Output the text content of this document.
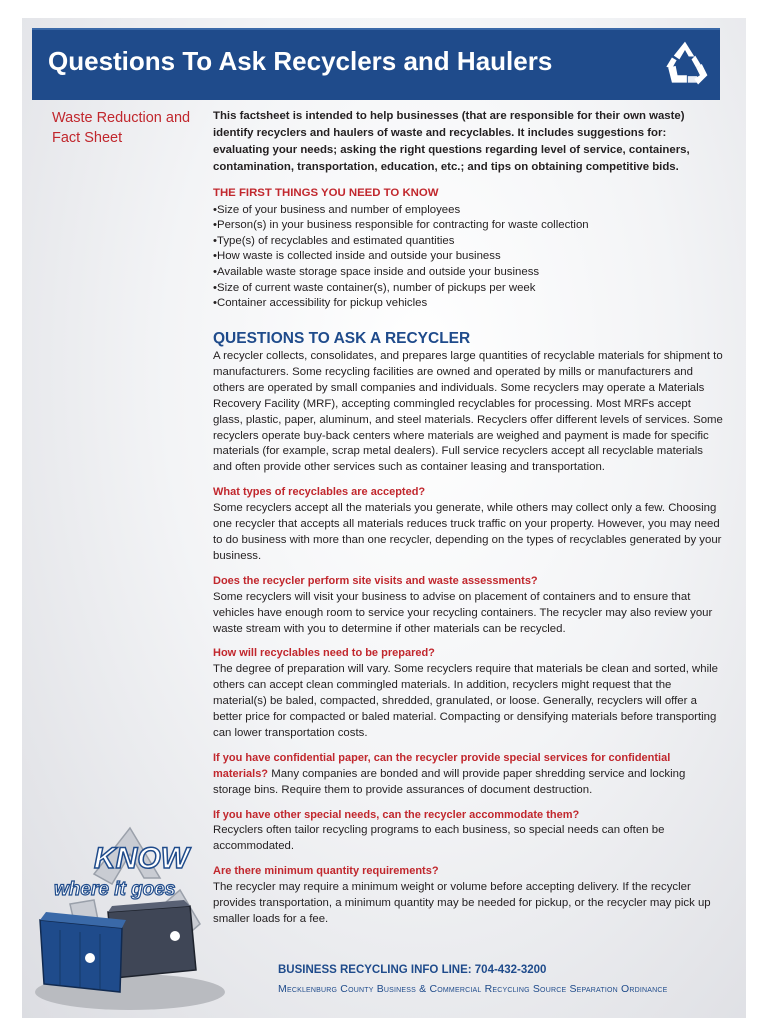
Questions To Ask Recyclers and Haulers
Waste Reduction and
Fact Sheet
This factsheet is intended to help businesses (that are responsible for their own waste) identify recyclers and haulers of waste and recyclables. It includes suggestions for: evaluating your needs; asking the right questions regarding level of service, containers, contamination, transportation, education, etc.; and tips on obtaining competitive bids.
THE FIRST THINGS YOU NEED TO KNOW
• Size of your business and number of employees
• Person(s) in your business responsible for contracting for waste collection
• Type(s) of recyclables and estimated quantities
• How waste is collected inside and outside your business
• Available waste storage space inside and outside your business
• Size of current waste container(s), number of pickups per week
• Container accessibility for pickup vehicles
QUESTIONS TO ASK A RECYCLER

A recycler collects, consolidates, and prepares large quantities of recyclable materials for shipment to manufacturers. Some recycling facilities are owned and operated by mills or manufacturers and others are operated by small companies and individuals. Some recyclers may operate a Materials Recovery Facility (MRF), accepting commingled recyclables for processing. Most MRFs accept glass, plastic, paper, aluminum, and steel materials. Recyclers offer different levels of services. Some recyclers operate buy-back centers where materials are weighed and payment is made for specific materials (for example, scrap metal dealers). Full service recyclers accept all recyclable materials and often provide other services such as container leasing and transportation.

What types of recyclables are accepted?

Some recyclers accept all the materials you generate, while others may collect only a few. Choosing one recycler that accepts all materials reduces truck traffic on your property. However, you may need to do business with more than one recycler, depending on the types of recyclables generated by your business.

Does the recycler perform site visits and waste assessments?

Some recyclers will visit your business to advise on placement of containers and to ensure that vehicles have enough room to service your recycling containers. The recycler may also review your waste stream with you to determine if other materials can be recycled.

How will recyclables need to be prepared?

The degree of preparation will vary. Some recyclers require that materials be clean and sorted, while others can accept clean commingled materials. In addition, recyclers might request that the material(s) be baled, compacted, shredded, granulated, or loose. Generally, recyclers will offer a better price for compacted or baled material. Compacting or densifying materials before transporting can lower transportation costs.

If you have confidential paper, can the recycler provide special services for confidential materials? Many companies are bonded and will provide paper shredding service and locking storage bins. Require them to provide assurances of document destruction.

If you have other special needs, can the recycler accommodate them?

Recyclers often tailor recycling programs to each business, so special needs can often be accommodated.

Are there minimum quantity requirements?

The recycler may require a minimum weight or volume before accepting delivery. If the recycler provides transportation, a minimum quantity may be needed for pickup, or the recycler may pick up smaller loads for a fee.

KNOW
where it goes
BUSINESS RECYCLING INFO LINE: 704-432-3200
Mecklenburg County Business & Commercial Recycling Source Separation Ordinance
